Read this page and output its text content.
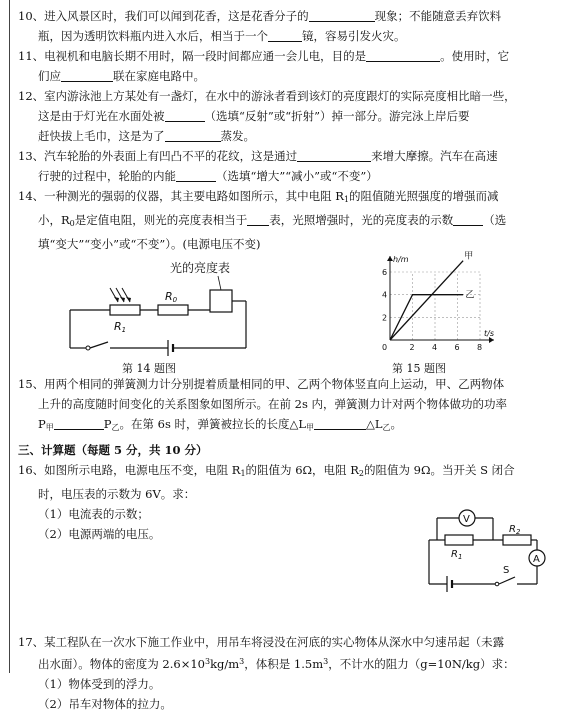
10、进入风景区时，我们可以闻到花香，这是花香分子的	现象；不能随意丢弃饮料
瓶，因为透明饮料瓶内进入水后，相当于一个	镜，容易引发火灾。
11、电视机和电脑长期不用时，隔一段时间都应通一会儿电，目的是	。使用时，它
们应	联在家庭电路中。
12、室内游泳池上方某处有一盏灯，在水中的游泳者看到该灯的亮度跟灯的实际亮度相比暗一些，
这是由于灯光在水面处被	（选填“反射”或“折射”）掉一部分。游完泳上岸后要
赶快拔上毛巾，这是为了	蒸发。
13、汽车轮胎的外表面上有凹凸不平的花纹，这是通过	来增大摩擦。汽车在高速
行驶的过程中，轮胎的内能	（选填“增大”“减小”或“不变”）
14、一种测光的强弱的仪器，其主要电路如图所示，其中电阻 $R_1$的阻值随光照强度的增强而减
小，$R_0$是定值电阻，则光的亮度表相当于 表，光照增强时，光的亮度表的示数	（选
填“变大”“变小”或“不变”）。(电源电压不变)
光的亮度表
R0
R1
第 14 题图
2 4 6 8
2
4
6
h/m
t/s
0
甲
乙
第 15 题图
15、用两个相同的弹簧测力计分别提着质量相同的甲、乙两个物体竖直向上运动，甲、乙两物体
上升的高度随时间变化的关系图象如图所示。在前 2s 内，弹簧测力计对两个物体做功的功率
$P_甲$	$P_乙$。在第 6s 时，弹簧被拉长的长度$\triangle L_甲$	$\triangle L_乙$。
三、计算题（每题 5 分，共 10 分）
16、如图所示电路，电源电压不变，电阻 $R_1$的阻值为 6Ω，电阻 $R_2$的阻值为 9Ω。当开关 S 闭合
时，电压表的示数为 6V。求：
（1）电流表的示数；
（2）电源两端的电压。
V
$R_1$
$R_2$
A
S
17、某工程队在一次水下施工作业中，用吊车将浸没在河底的实心物体从深水中匀速吊起（未露
出水面）。物体的密度为 $2.6\times 10^3kg/m^3$，体积是 $1.5m^3$，不计水的阻力（g=10N/kg）求：
（1）物体受到的浮力。
（2）吊车对物体的拉力。
